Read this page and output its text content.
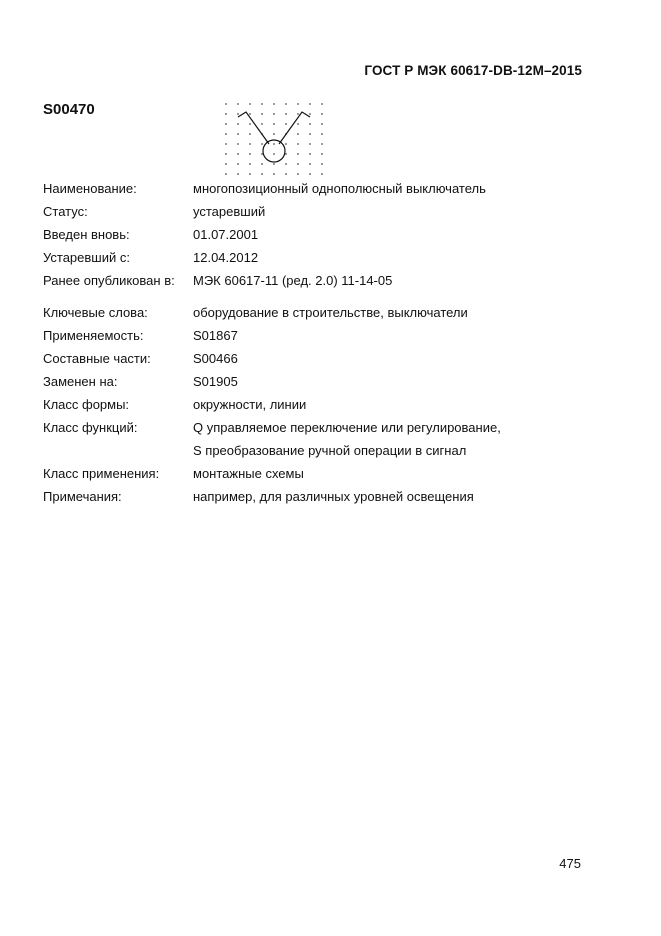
ГОСТ Р МЭК 60617-DB-12M–2015
S00470
Наименование:	многопозиционный однополюсный выключатель
Статус:	устаревший
Введен вновь:	01.07.2001
Устаревший с:	12.04.2012
Ранее опубликован в: МЭК 60617-11 (ред. 2.0) 11-14-05
Ключевые слова:	оборудование в строительстве, выключатели
Применяемость:	S01867
Составные части:	S00466
Заменен на:	S01905
Класс формы:	окружности, линии
Класс функций:	Q управляемое переключение или регулирование,
S преобразование ручной операции в сигнал
Класс применения:	монтажные схемы
Примечания:	например, для различных уровней освещения
475
